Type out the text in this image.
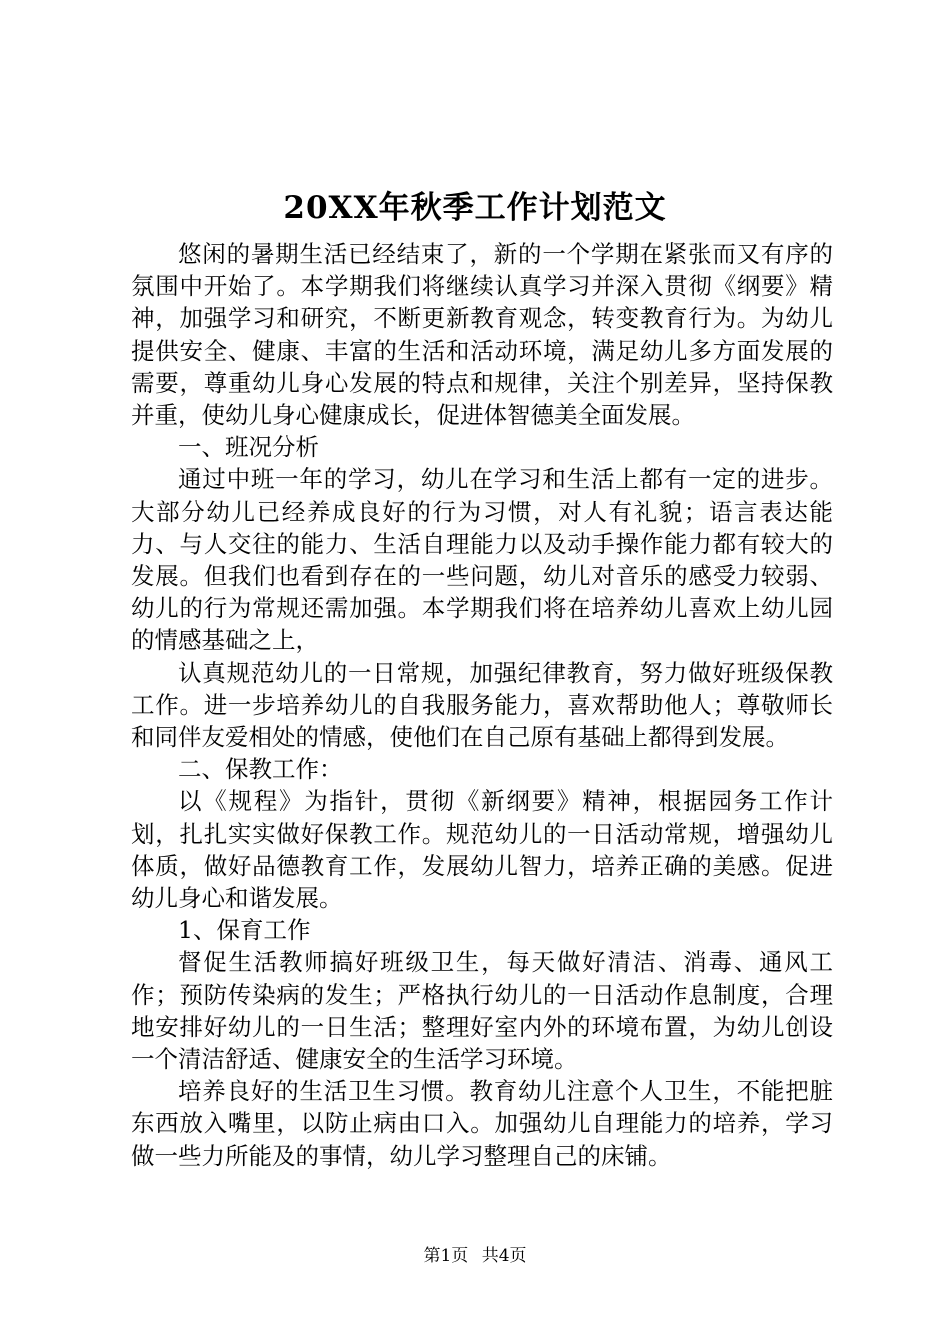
20XX年秋季工作计划范文

悠闲的暑期生活已经结束了，新的一个学期在紧张而又有序的氛围中开始了。本学期我们将继续认真学习并深入贯彻《纲要》精神，加强学习和研究，不断更新教育观念，转变教育行为。为幼儿提供安全、健康、丰富的生活和活动环境，满足幼儿多方面发展的需要，尊重幼儿身心发展的特点和规律，关注个别差异，坚持保教并重，使幼儿身心健康成长，促进体智德美全面发展。

一、班况分析

通过中班一年的学习，幼儿在学习和生活上都有一定的进步。大部分幼儿已经养成良好的行为习惯，对人有礼貌；语言表达能力、与人交往的能力、生活自理能力以及动手操作能力都有较大的发展。但我们也看到存在的一些问题，幼儿对音乐的感受力较弱、幼儿的行为常规还需加强。本学期我们将在培养幼儿喜欢上幼儿园的情感基础之上，

认真规范幼儿的一日常规，加强纪律教育，努力做好班级保教工作。进一步培养幼儿的自我服务能力，喜欢帮助他人；尊敬师长和同伴友爱相处的情感，使他们在自己原有基础上都得到发展。

二、保教工作：

以《规程》为指针，贯彻《新纲要》精神，根据园务工作计划，扎扎实实做好保教工作。规范幼儿的一日活动常规，增强幼儿体质，做好品德教育工作，发展幼儿智力，培养正确的美感。促进幼儿身心和谐发展。

1、保育工作

督促生活教师搞好班级卫生，每天做好清洁、消毒、通风工作；预防传染病的发生；严格执行幼儿的一日活动作息制度，合理地安排好幼儿的一日生活；整理好室内外的环境布置，为幼儿创设一个清洁舒适、健康安全的生活学习环境。

培养良好的生活卫生习惯。教育幼儿注意个人卫生，不能把脏东西放入嘴里，以防止病由口入。加强幼儿自理能力的培养，学习做一些力所能及的事情，幼儿学习整理自己的床铺。

第1页 共4页
